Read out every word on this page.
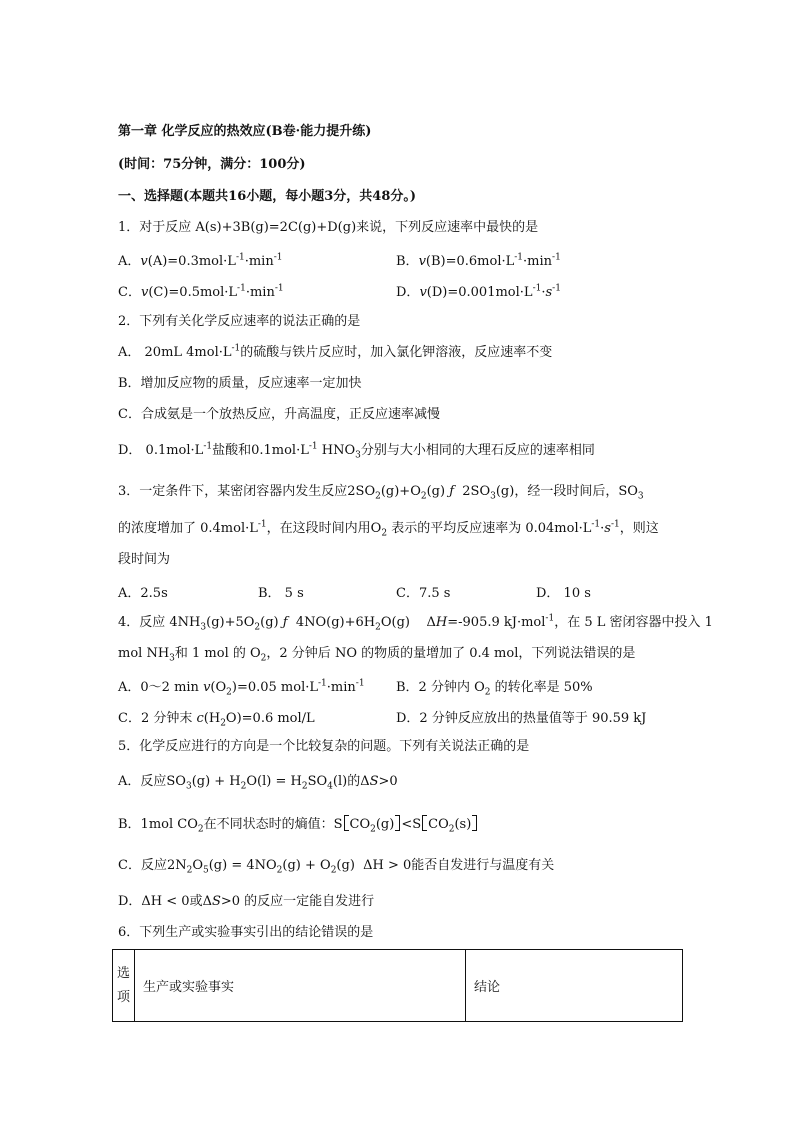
第一章 化学反应的热效应(B卷·能力提升练)
(时间：75分钟，满分：100分)
一、选择题(本题共16小题，每小题3分，共48分。)
1．对于反应 A(s)+3B(g)=2C(g)+D(g)来说，下列反应速率中最快的是
A．$v(A)=0.3mol\cdot L^{-1}\cdot\min^{-1}$	B．$v(B)=0.6mol\cdot L^{-1}\cdot\min^{-1}$
C．$v(C)=0.5mol\cdot L^{-1}\cdot\min^{-1}$	D．$v(D)=0.001mol\cdot L^{-1}\cdot s^{-1}$
2．下列有关化学反应速率的说法正确的是
A． 20mL $4mol\cdot L^{-1}$的硫酸与铁片反应时，加入氯化钾溶液，反应速率不变
B．增加反应物的质量，反应速率一定加快
C．合成氨是一个放热反应，升高温度，正反应速率减慢
D． $0.1mol\cdot L^{-1}$盐酸和$0.1mol\cdot L^{-1}$ $HNO_3$分别与大小相同的大理石反应的速率相同
3．一定条件下，某密闭容器内发生反应$2SO_2(g)+O_2(g)$ ƒ  $2SO_3(g)$，经一段时间后，$SO_3$
的浓度增加了 $0.4mol\cdot L^{-1}$，在这段时间内用$O_2$ 表示的平均反应速率为 $0.04mol\cdot L^{-1}\cdot s^{-1}$，则这
段时间为
A．2.5s	B． 5 s	C．7.5 s	D． 10 s
4．反应 $4NH_3(g)+5O_2(g)$ ƒ  $4NO(g)+6H_2O(g)$    ΔH=-905.9 kJ·mol$^{-1}$，在 5 L 密闭容器中投入 1
mol $NH_3$和 1 mol 的 $O_2$，2 分钟后 NO 的物质的量增加了 0.4 mol，下列说法错误的是
A．0～2 $\min v(O_2)=0.05$ $mol\cdot L^{-1}\cdot\min^{-1}$ B．2 分钟内 $O_2$ 的转化率是 50%
C．2 分钟末 $c(H_2O)=0.6$ mol/L	D．2 分钟反应放出的热量值等于 90.59 kJ
5．化学反应进行的方向是一个比较复杂的问题。下列有关说法正确的是
A．反应$SO_3(g) + H_2O(l) = H_2SO_4(l)$的ΔS>0
B．1mol $CO_2$在不同状态时的熵值：S $CO_2(g) <S$ $CO_2(s)$
C．反应$2N_2O_5(g) = 4NO_2(g) + O_2(g) \Delta H > 0$能否自发进行与温度有关
D．ΔH < 0或ΔS>0 的反应一定能自发进行
6．下列生产或实验事实引出的结论错误的是
选
项	生产或实验事实	结论
